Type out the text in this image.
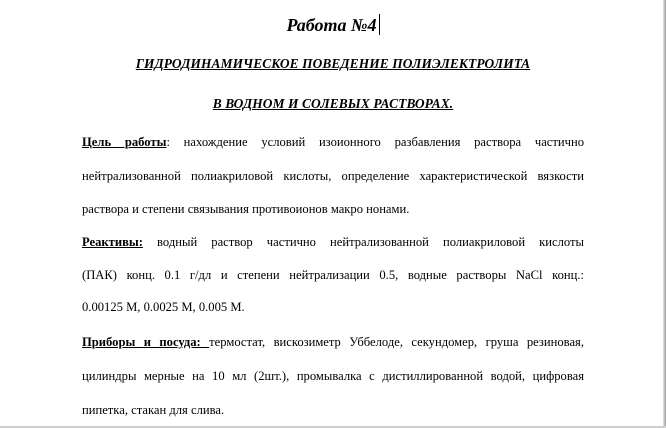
Работа №4
ГИДРОДИНАМИЧЕСКОЕ ПОВЕДЕНИЕ ПОЛИЭЛЕКТРОЛИТА
В ВОДНОМ И СОЛЕВЫХ РАСТВОРАХ.
Цель работы: нахождение условий изоионного разбавления раствора частично
нейтрализованной полиакриловой кислоты, определение характеристической вязкости
раствора и степени связывания противоионов макро нонами.
Реактивы: водный раствор частично нейтрализованной полиакриловой кислоты
(ПАК) конц. 0.1 г/дл и степени нейтрализации 0.5, водные растворы NaCl конц.:
0.00125 М, 0.0025 М, 0.005 М.
Приборы и посуда: термостат, вискозиметр Уббелоде, секундомер, груша резиновая,
цилиндры мерные на 10 мл (2шт.), промывалка с дистиллированной водой, цифровая
пипетка, стакан для слива.
